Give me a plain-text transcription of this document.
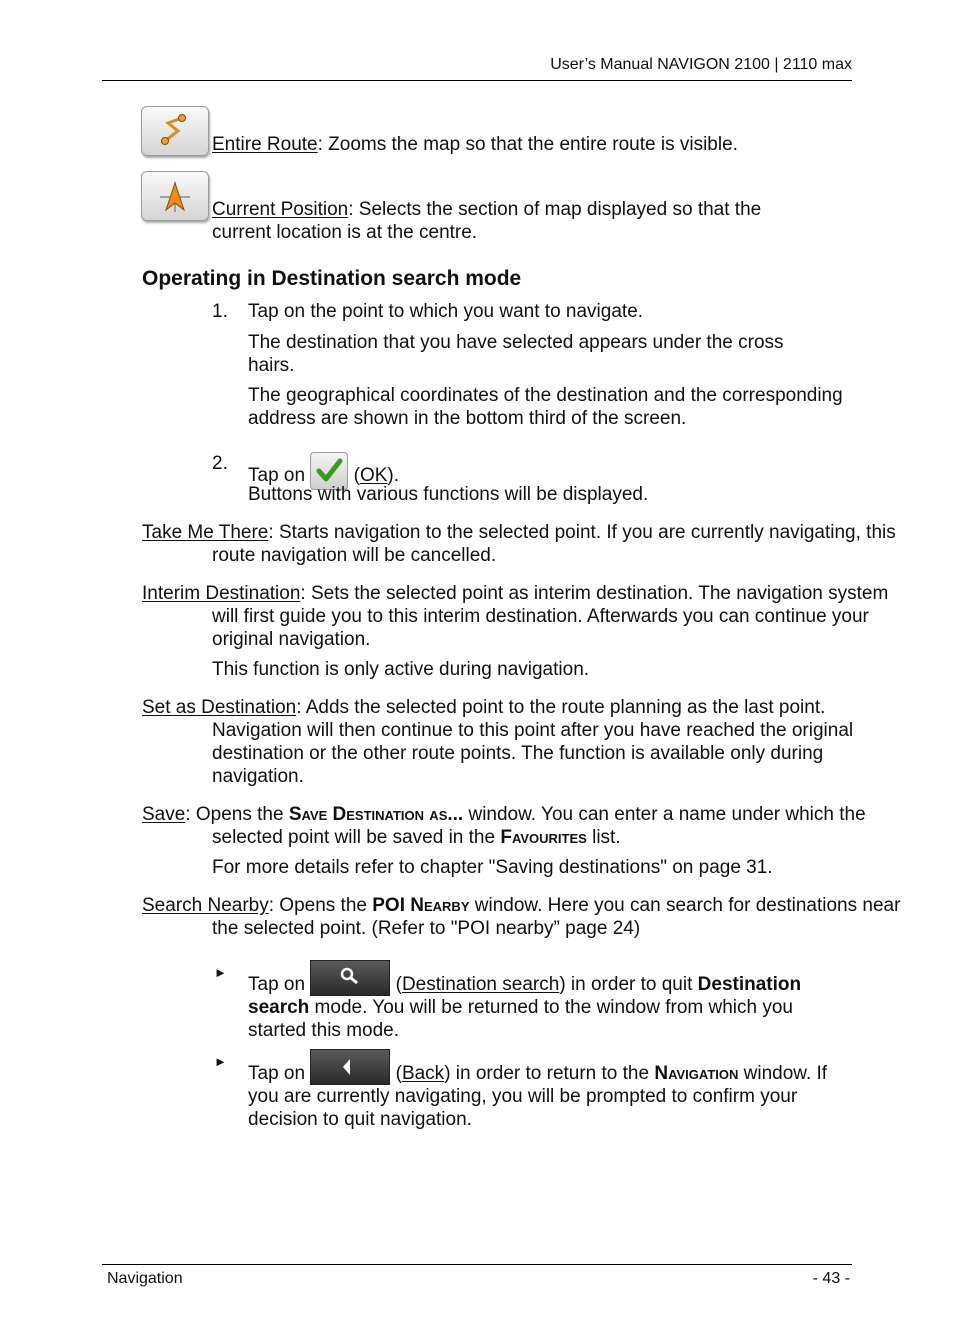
User’s Manual NAVIGON 2100 | 2110 max

Entire Route: Zooms the map so that the entire route is visible.

Current Position: Selects the section of map displayed so that the current location is at the centre.

Operating in Destination search mode
1. Tap on the point to which you want to navigate.

The destination that you have selected appears under the cross hairs.

The geographical coordinates of the destination and the corresponding address are shown in the bottom third of the screen.

2.

Tap on	(OK).

Buttons with various functions will be displayed.

Take Me There: Starts navigation to the selected point. If you are currently navigating, this route navigation will be cancelled.

Interim Destination: Sets the selected point as interim destination. The navigation system will first guide you to this interim destination. Afterwards you can continue your original navigation.

This function is only active during navigation.

Set as Destination: Adds the selected point to the route planning as the last point. Navigation will then continue to this point after you have reached the original destination or the other route points. The function is available only during navigation.

Save: Opens the Save Destination as... window. You can enter a name under which the selected point will be saved in the Favourites list.

For more details refer to chapter "Saving destinations" on page 31.

Search Nearby: Opens the POI Nearby window. Here you can search for destinations near the selected point. (Refer to "POI nearby” page 24)

►

Tap on	(Destination search) in order to quit Destination search mode. You will be returned to the window from which you started this mode.

►

Tap on	(Back) in order to return to the Navigation window. If you are currently navigating, you will be prompted to confirm your decision to quit navigation.

Navigation	- 43 -
